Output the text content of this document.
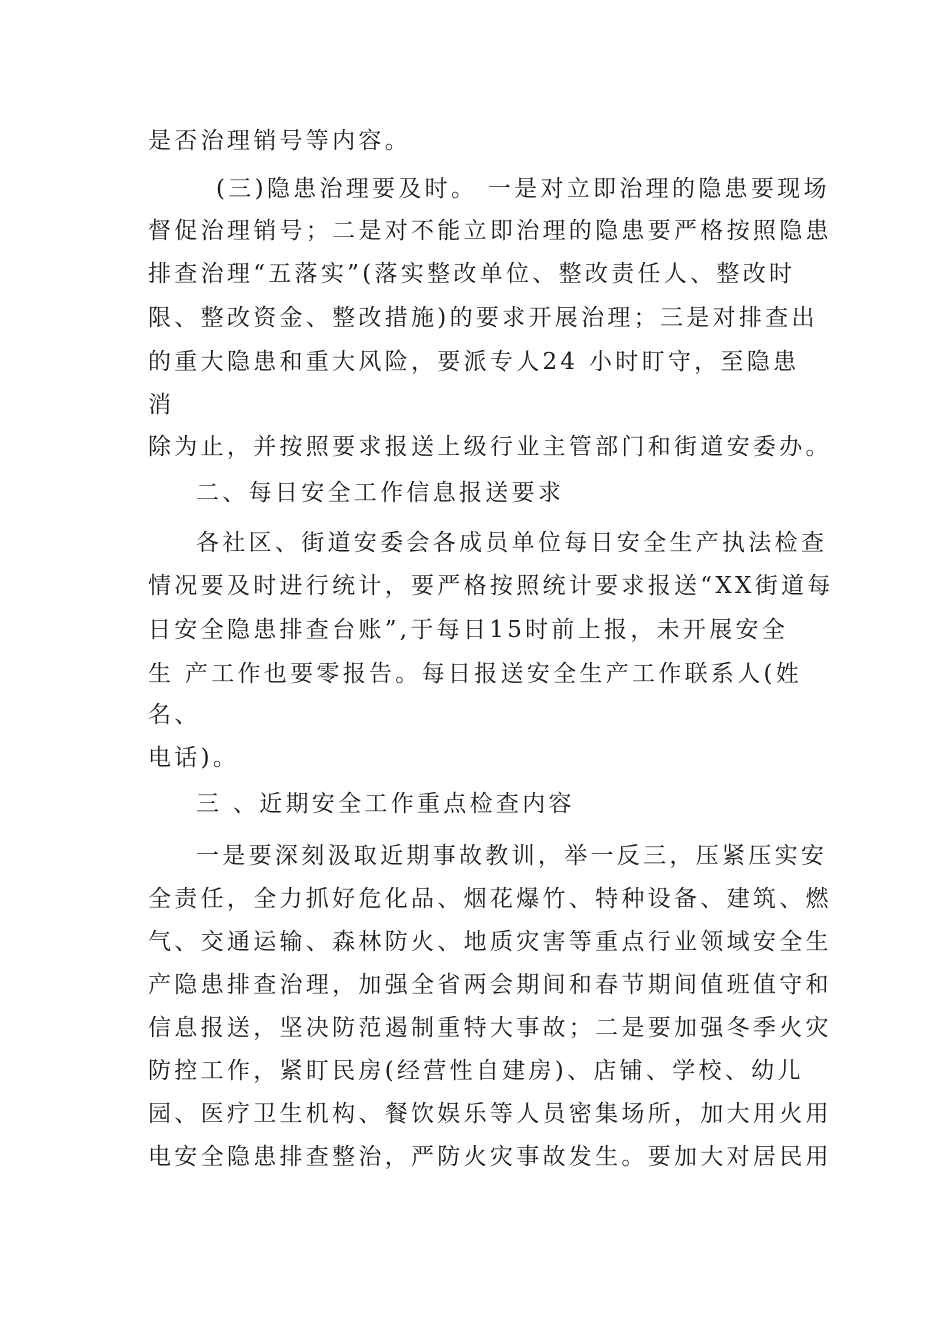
是否治理销号等内容。
(三)隐患治理要及时。 一是对立即治理的隐患要现场
督促治理销号；二是对不能立即治理的隐患要严格按照隐患
排查治理“五落实”(落实整改单位、整改责任人、整改时
限、整改资金、整改措施)的要求开展治理；三是对排查出
的重大隐患和重大风险，要派专人24 小时盯守，至隐患
消
除为止，并按照要求报送上级行业主管部门和街道安委办。
二、每日安全工作信息报送要求
各社区、街道安委会各成员单位每日安全生产执法检查
情况要及时进行统计，要严格按照统计要求报送“XX街道每
日安全隐患排查台账”,于每日15时前上报，未开展安全
生 产工作也要零报告。每日报送安全生产工作联系人(姓
名、
电话)。
三 、近期安全工作重点检查内容
一是要深刻汲取近期事故教训，举一反三，压紧压实安
全责任，全力抓好危化品、烟花爆竹、特种设备、建筑、燃
气、交通运输、森林防火、地质灾害等重点行业领域安全生
产隐患排查治理，加强全省两会期间和春节期间值班值守和
信息报送，坚决防范遏制重特大事故；二是要加强冬季火灾
防控工作，紧盯民房(经营性自建房)、店铺、学校、幼儿
园、医疗卫生机构、餐饮娱乐等人员密集场所，加大用火用
电安全隐患排查整治，严防火灾事故发生。要加大对居民用
